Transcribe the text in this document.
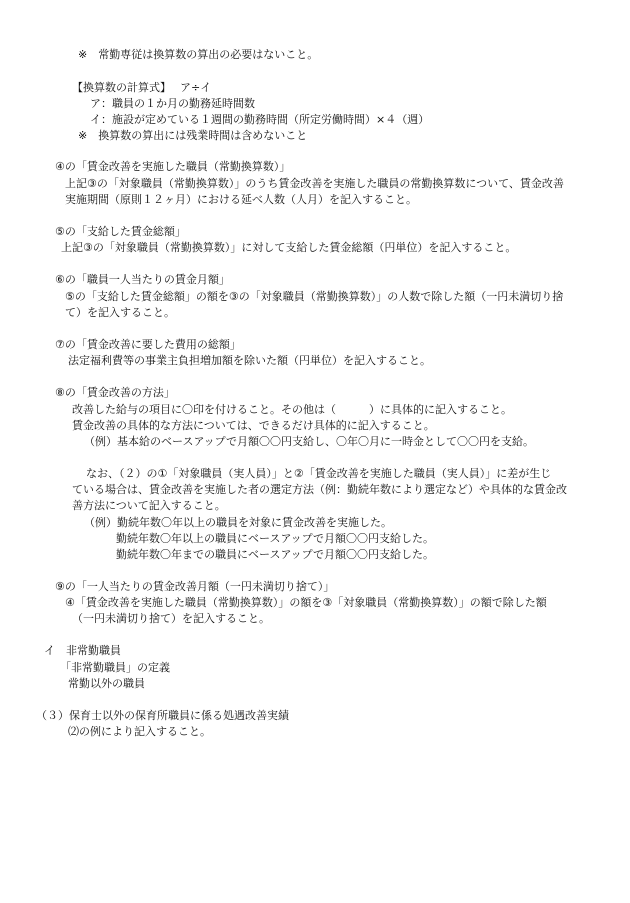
※　常勤専従は換算数の算出の必要はないこと。
【換算数の計算式】　 ア÷イ
ア：職員の１か月の勤務延時間数
イ：施設が定めている１週間の勤務時間（所定労働時間）×４（週）
※　換算数の算出には残業時間は含めないこと
④の「賃金改善を実施した職員（常勤換算数）」
上記③の「対象職員（常勤換算数）」のうち賃金改善を実施した職員の常勤換算数について、賃金改善
実施期間（原則１２ヶ月）における延べ人数（人月）を記入すること。
⑤の「支給した賃金総額」
上記③の「対象職員（常勤換算数）」に対して支給した賃金総額（円単位）を記入すること。
⑥の「職員一人当たりの賃金月額」
⑤の「支給した賃金総額」の額を③の「対象職員（常勤換算数）」の人数で除した額（一円未満切り捨
て）を記入すること。
⑦の「賃金改善に要した費用の総額」
法定福利費等の事業主負担増加額を除いた額（円単位）を記入すること。
⑧の「賃金改善の方法」
改善した給与の項目に〇印を付けること。その他は（　　　）に具体的に記入すること。
賃金改善の具体的な方法については、できるだけ具体的に記入すること。
（例）基本給のベースアップで月額〇〇円支給し、〇年〇月に一時金として〇〇円を支給。
なお、（２）の①「対象職員（実人員）」と②「賃金改善を実施した職員（実人員）」に差が生じ
ている場合は、賃金改善を実施した者の選定方法（例：勤続年数により選定など）や具体的な賃金改
善方法について記入すること。
（例）勤続年数〇年以上の職員を対象に賃金改善を実施した。
勤続年数〇年以上の職員にベースアップで月額〇〇円支給した。
勤続年数〇年までの職員にベースアップで月額〇〇円支給した。
⑨の「一人当たりの賃金改善月額（一円未満切り捨て）」
④「賃金改善を実施した職員（常勤換算数）」の額を③「対象職員（常勤換算数）」の額で除した額
（一円未満切り捨て）を記入すること。
イ　非常勤職員
「非常勤職員」の定義
常勤以外の職員
（３）保育士以外の保育所職員に係る処遇改善実績
⑵の例により記入すること。
